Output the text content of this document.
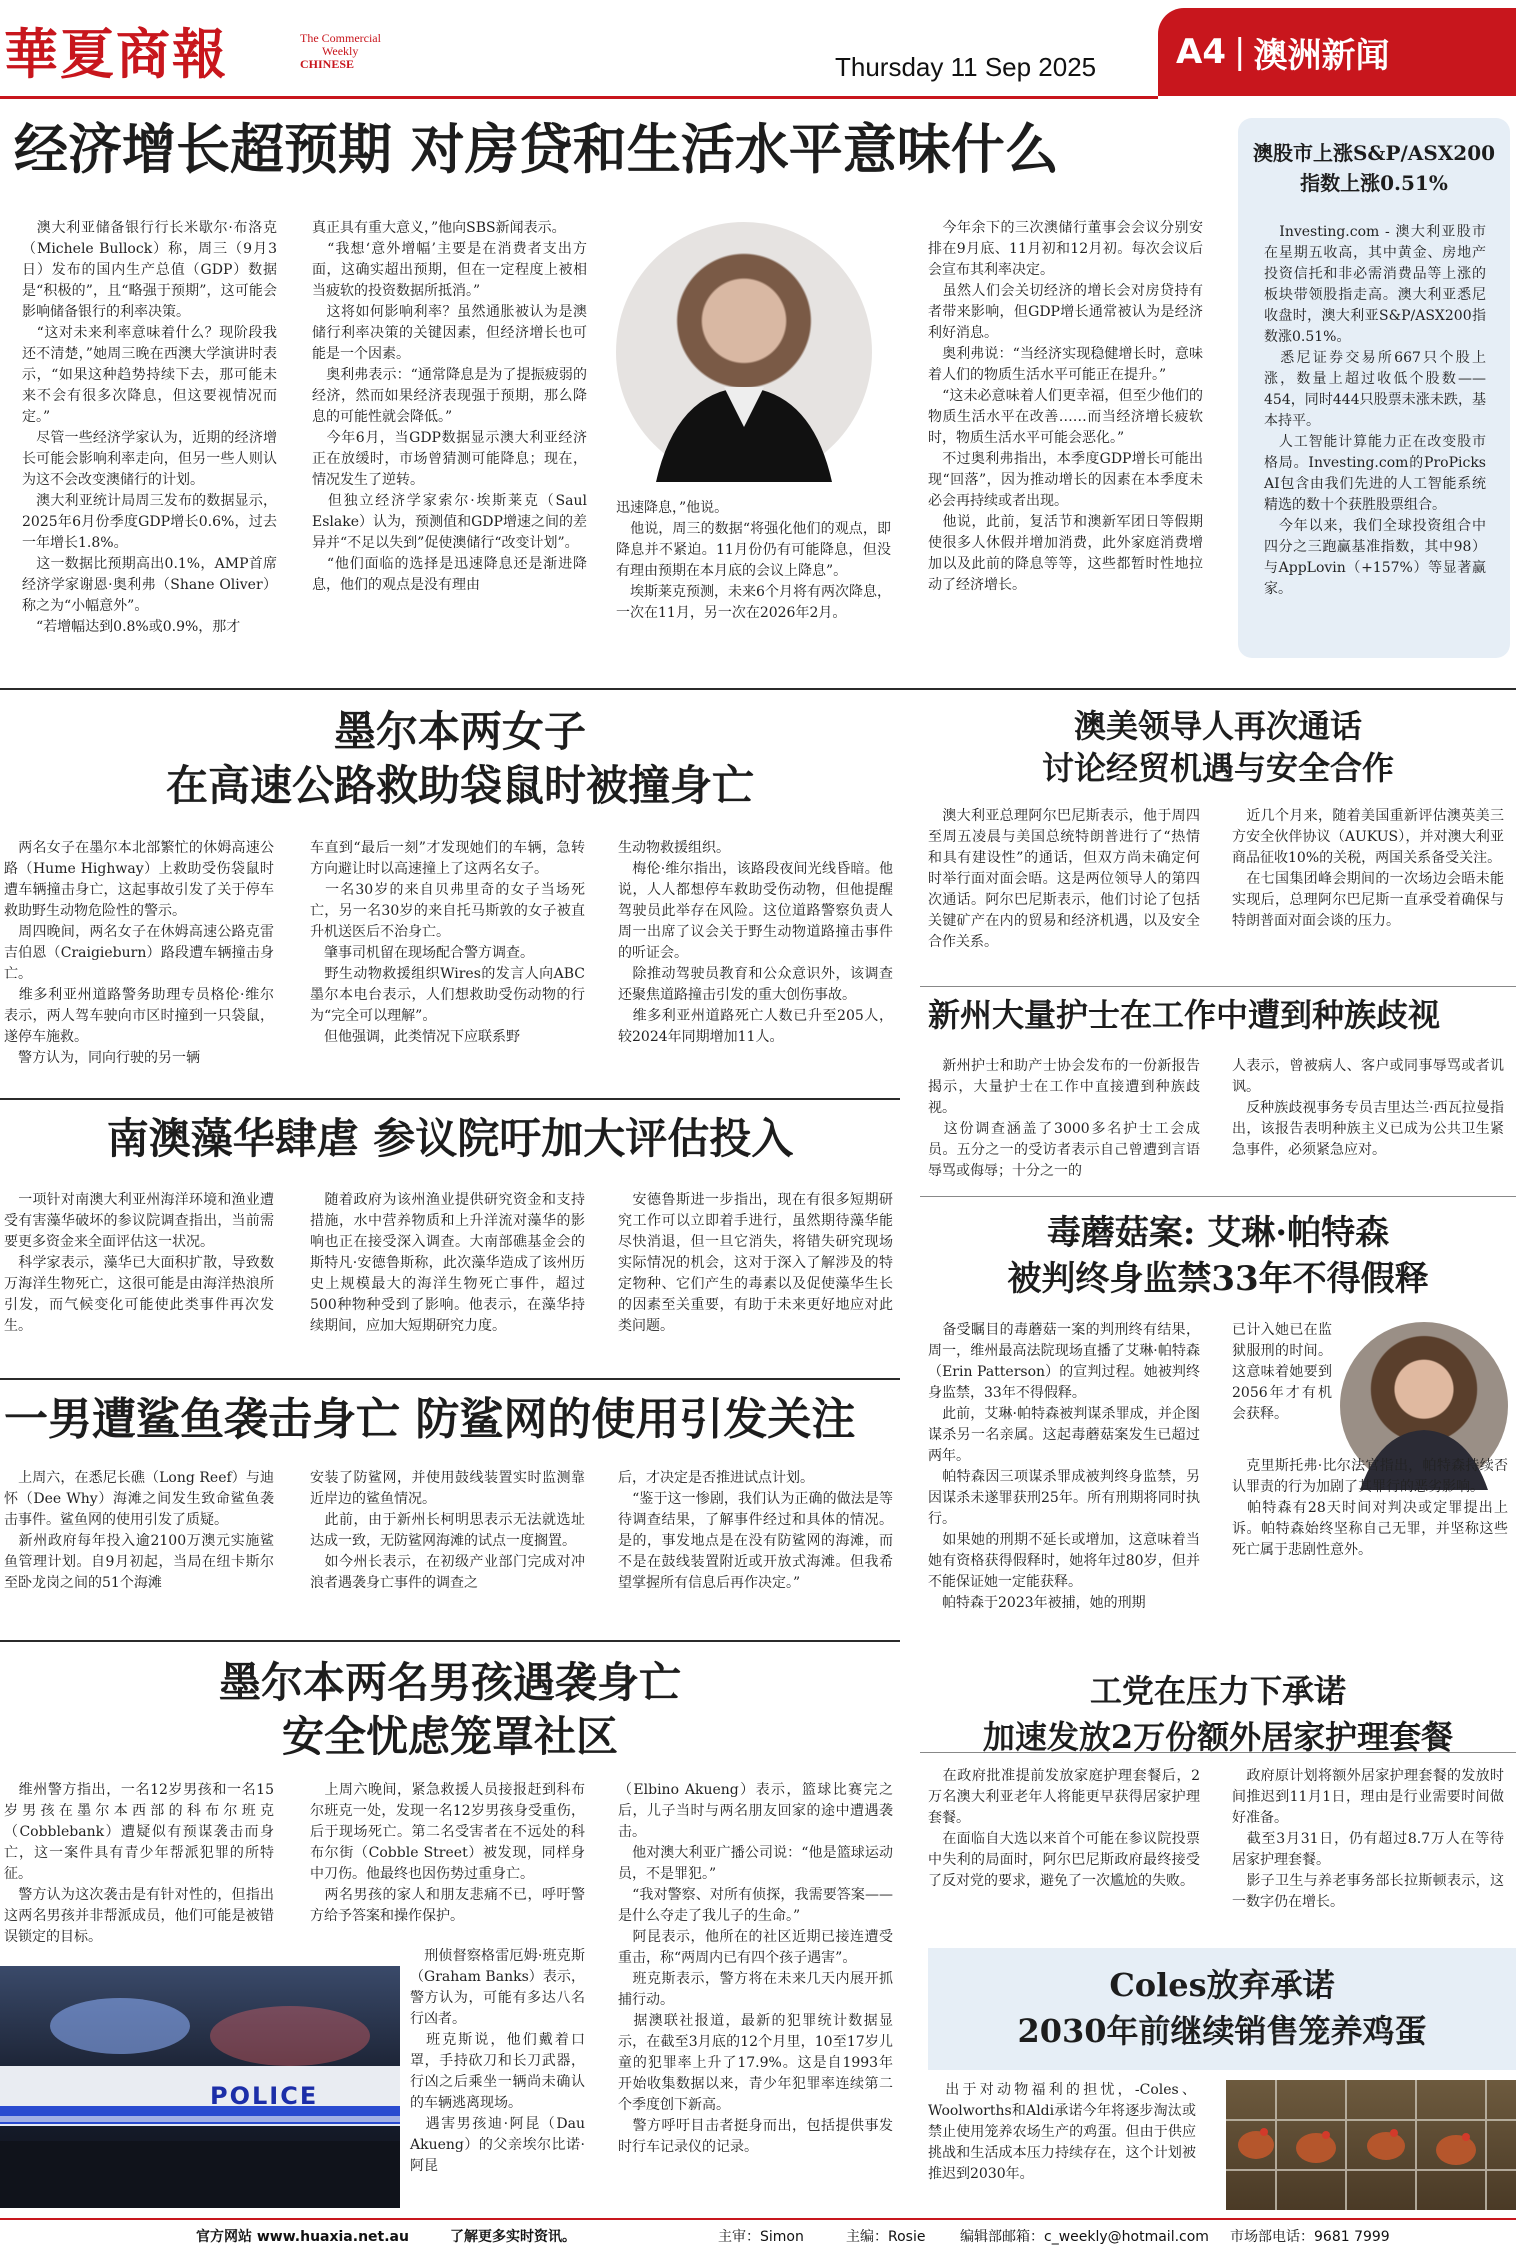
華夏商報	The Commercial
Weekly
CHINESE	Thursday 11 Sep 2025 A4 | 澳洲新闻
经济增长超预期 对房贷和生活水平意味什么
　澳大利亚储备银行行长米歇尔·布洛克（Michele Bullock）称，周三（9月3日）发布的国内生产总值（GDP）数据是“积极的”，且“略强于预期”，这可能会影响储备银行的利率决策。
　“这对未来利率意味着什么？现阶段我还不清楚，”她周三晚在西澳大学演讲时表示，“如果这种趋势持续下去，那可能未来不会有很多次降息，但这要视情况而定。”
　尽管一些经济学家认为，近期的经济增长可能会影响利率走向，但另一些人则认为这不会改变澳储行的计划。
　澳大利亚统计局周三发布的数据显示，2025年6月份季度GDP增长0.6%，过去一年增长1.8%。
　这一数据比预期高出0.1%，AMP首席经济学家谢恩·奥利弗（Shane Oliver）称之为“小幅意外”。
　“若增幅达到0.8%或0.9%，那才
真正具有重大意义，”他向SBS新闻表示。
　“我想‘意外增幅’主要是在消费者支出方面，这确实超出预期，但在一定程度上被相当疲软的投资数据所抵消。”
　这将如何影响利率？虽然通胀被认为是澳储行利率决策的关键因素，但经济增长也可能是一个因素。
　奥利弗表示：“通常降息是为了提振疲弱的经济，然而如果经济表现强于预期，那么降息的可能性就会降低。”
　今年6月，当GDP数据显示澳大利亚经济正在放缓时，市场曾猜测可能降息；现在，情况发生了逆转。
　但独立经济学家索尔·埃斯莱克（Saul Eslake）认为，预测值和GDP增速之间的差异并“不足以失到”促使澳储行“改变计划”。
　“他们面临的选择是迅速降息还是渐进降息，他们的观点是没有理由
迅速降息，”他说。
　他说，周三的数据“将强化他们的观点，即降息并不紧迫。11月份仍有可能降息，但没有理由预期在本月底的会议上降息”。
　埃斯莱克预测，未来6个月将有两次降息，一次在11月，另一次在2026年2月。
　今年余下的三次澳储行董事会会议分别安排在9月底、11月初和12月初。每次会议后会宣布其利率决定。
　虽然人们会关切经济的增长会对房贷持有者带来影响，但GDP增长通常被认为是经济利好消息。
　奥利弗说：“当经济实现稳健增长时，意味着人们的物质生活水平可能正在提升。”
　“这未必意味着人们更幸福，但至少他们的物质生活水平在改善……而当经济增长疲软时，物质生活水平可能会恶化。”
　不过奥利弗指出，本季度GDP增长可能出现“回落”，因为推动增长的因素在本季度未必会再持续或者出现。
　他说，此前，复活节和澳新军团日等假期使很多人休假并增加消费，此外家庭消费增加以及此前的降息等等，这些都暂时性地拉动了经济增长。
澳股市上涨S&P/ASX200指数上涨0.51%
　Investing.com - 澳大利亚股市在星期五收高，其中黄金、房地产投资信托和非必需消费品等上涨的板块带领股指走高。澳大利亚悉尼收盘时，澳大利亚S&P/ASX200指数涨0.51%。
　悉尼证券交易所667只个股上涨，数量上超过收低个股数——454，同时444只股票未涨未跌，基本持平。
　人工智能计算能力正在改变股市格局。Investing.com的ProPicks AI包含由我们先进的人工智能系统精选的数十个获胜股票组合。
　今年以来，我们全球投资组合中四分之三跑赢基准指数，其中98）与AppLovin（+157%）等显著赢家。
墨尔本两女子
在高速公路救助袋鼠时被撞身亡
　两名女子在墨尔本北部繁忙的休姆高速公路（Hume Highway）上救助受伤袋鼠时遭车辆撞击身亡，这起事故引发了关于停车救助野生动物危险性的警示。
　周四晚间，两名女子在休姆高速公路克雷吉伯恩（Craigieburn）路段遭车辆撞击身亡。
　维多利亚州道路警务助理专员格伦·维尔表示，两人驾车驶向市区时撞到一只袋鼠，遂停车施救。
　警方认为，同向行驶的另一辆
车直到“最后一刻”才发现她们的车辆，急转方向避让时以高速撞上了这两名女子。
　一名30岁的来自贝弗里奇的女子当场死亡，另一名30岁的来自托马斯敦的女子被直升机送医后不治身亡。
　肇事司机留在现场配合警方调查。
　野生动物救援组织Wires的发言人向ABC墨尔本电台表示，人们想救助受伤动物的行为“完全可以理解”。
　但他强调，此类情况下应联系野
生动物救援组织。
　梅伦·维尔指出，该路段夜间光线昏暗。他说，人人都想停车救助受伤动物，但他提醒驾驶员此举存在风险。这位道路警察负责人周一出席了议会关于野生动物道路撞击事件的听证会。
　除推动驾驶员教育和公众意识外，该调查还聚焦道路撞击引发的重大创伤事故。
　维多利亚州道路死亡人数已升至205人，较2024年同期增加11人。
澳美领导人再次通话
讨论经贸机遇与安全合作
　澳大利亚总理阿尔巴尼斯表示，他于周四至周五凌晨与美国总统特朗普进行了“热情和具有建设性”的通话，但双方尚未确定何时举行面对面会晤。这是两位领导人的第四次通话。阿尔巴尼斯表示，他们讨论了包括关键矿产在内的贸易和经济机遇，以及安全合作关系。
　近几个月来，随着美国重新评估澳英美三方安全伙伴协议（AUKUS），并对澳大利亚商品征收10%的关税，两国关系备受关注。
　在七国集团峰会期间的一次场边会晤未能实现后，总理阿尔巴尼斯一直承受着确保与特朗普面对面会谈的压力。
新州大量护士在工作中遭到种族歧视
　新州护士和助产士协会发布的一份新报告揭示，大量护士在工作中直接遭到种族歧视。
　这份调查涵盖了3000多名护士工会成员。五分之一的受访者表示自己曾遭到言语辱骂或侮辱；十分之一的
人表示，曾被病人、客户或同事辱骂或者讥讽。
　反种族歧视事务专员吉里达兰·西瓦拉曼指出，该报告表明种族主义已成为公共卫生紧急事件，必须紧急应对。
南澳藻华肆虐 参议院吁加大评估投入
　一项针对南澳大利亚州海洋环境和渔业遭受有害藻华破坏的参议院调查指出，当前需要更多资金来全面评估这一状况。
　科学家表示，藻华已大面积扩散，导致数万海洋生物死亡，这很可能是由海洋热浪所引发，而气候变化可能使此类事件再次发生。
　随着政府为该州渔业提供研究资金和支持措施，水中营养物质和上升洋流对藻华的影响也正在接受深入调查。大南部礁基金会的斯特凡·安德鲁斯称，此次藻华造成了该州历史上规模最大的海洋生物死亡事件，超过500种物种受到了影响。他表示，在藻华持续期间，应加大短期研究力度。
　安德鲁斯进一步指出，现在有很多短期研究工作可以立即着手进行，虽然期待藻华能尽快消退，但一旦它消失，将错失研究现场实际情况的机会，这对于深入了解涉及的特定物种、它们产生的毒素以及促使藻华生长的因素至关重要，有助于未来更好地应对此类问题。
毒蘑菇案: 艾琳·帕特森
被判终身监禁33年不得假释
　备受瞩目的毒蘑菇一案的判刑终有结果，周一，维州最高法院现场直播了艾琳·帕特森（Erin Patterson）的宣判过程。她被判终身监禁，33年不得假释。
　此前，艾琳·帕特森被判谋杀罪成，并企图谋杀另一名亲属。这起毒蘑菇案发生已超过两年。
　帕特森因三项谋杀罪成被判终身监禁，另因谋杀未遂罪获刑25年。所有刑期将同时执行。
　如果她的刑期不延长或增加，这意味着当她有资格获得假释时，她将年过80岁，但并不能保证她一定能获释。
　帕特森于2023年被捕，她的刑期
已计入她已在监狱服刑的时间。这意味着她要到2056年才有机会获释。
　克里斯托弗·比尔法官指出，帕特森持续否认罪责的行为加剧了其罪行的恶劣影响。
　帕特森有28天时间对判决或定罪提出上诉。帕特森始终坚称自己无罪，并坚称这些死亡属于悲剧性意外。
一男遭鲨鱼袭击身亡 防鲨网的使用引发关注
　上周六，在悉尼长礁（Long Reef）与迪怀（Dee Why）海滩之间发生致命鲨鱼袭击事件。鲨鱼网的使用引发了质疑。
　新州政府每年投入逾2100万澳元实施鲨鱼管理计划。自9月初起，当局在纽卡斯尔至卧龙岗之间的51个海滩
安装了防鲨网，并使用鼓线装置实时监测靠近岸边的鲨鱼情况。
　此前，由于新州长柯明思表示无法就选址达成一致，无防鲨网海滩的试点一度搁置。
　如今州长表示，在初级产业部门完成对冲浪者遇袭身亡事件的调查之
后，才决定是否推进试点计划。
　“鉴于这一惨剧，我们认为正确的做法是等待调查结果，了解事件经过和具体的情况。是的，事发地点是在没有防鲨网的海滩，而不是在鼓线装置附近或开放式海滩。但我希望掌握所有信息后再作决定。”
墨尔本两名男孩遇袭身亡
安全忧虑笼罩社区
　维州警方指出，一名12岁男孩和一名15岁男孩在墨尔本西部的科布尔班克（Cobblebank）遭疑似有预谋袭击而身亡，这一案件具有青少年帮派犯罪的所特征。
　警方认为这次袭击是有针对性的，但指出这两名男孩并非帮派成员，他们可能是被错误锁定的目标。
　上周六晚间，紧急救援人员接报赶到科布尔班克一处，发现一名12岁男孩身受重伤，后于现场死亡。第二名受害者在不远处的科布尔街（Cobble Street）被发现，同样身中刀伤。他最终也因伤势过重身亡。
　两名男孩的家人和朋友悲痛不已，呼吁警方给予答案和操作保护。
　刑侦督察格雷厄姆·班克斯（Graham Banks）表示，警方认为，可能有多达八名行凶者。
　班克斯说，他们戴着口罩，手持砍刀和长刀武器，行凶之后乘坐一辆尚未确认的车辆逃离现场。
　遇害男孩迪·阿昆（Dau Akueng）的父亲埃尔比诺·阿昆
（Elbino Akueng）表示，篮球比赛完之后，儿子当时与两名朋友回家的途中遭遇袭击。
　他对澳大利亚广播公司说：“他是篮球运动员，不是罪犯。”
　“我对警察、对所有侦探，我需要答案——是什么夺走了我儿子的生命。”
　阿昆表示，他所在的社区近期已接连遭受重击，称“两周内已有四个孩子遇害”。
　班克斯表示，警方将在未来几天内展开抓捕行动。
　据澳联社报道，最新的犯罪统计数据显示，在截至3月底的12个月里，10至17岁儿童的犯罪率上升了17.9%。这是自1993年开始收集数据以来，青少年犯罪率连续第二个季度创下新高。
　警方呼吁目击者挺身而出，包括提供事发时行车记录仪的记录。
POLICE
工党在压力下承诺
加速发放2万份额外居家护理套餐
　在政府批准提前发放家庭护理套餐后，2万名澳大利亚老年人将能更早获得居家护理套餐。
　在面临自大选以来首个可能在参议院投票中失利的局面时，阿尔巴尼斯政府最终接受了反对党的要求，避免了一次尴尬的失败。
　政府原计划将额外居家护理套餐的发放时间推迟到11月1日，理由是行业需要时间做好准备。
　截至3月31日，仍有超过8.7万人在等待居家护理套餐。
　影子卫生与养老事务部长拉斯顿表示，这一数字仍在增长。
Coles放弃承诺
2030年前继续销售笼养鸡蛋
　出于对动物福利的担忧，-Coles、Woolworths和Aldi承诺今年将逐步淘汰或禁止使用笼养农场生产的鸡蛋。但由于供应挑战和生活成本压力持续存在，这个计划被推迟到2030年。
官方网站 www.huaxia.net.au	了解更多实时资讯。	主审：Simon	主编：Rosie 编辑部邮箱：c_weekly@hotmail.com 市场部电话：9681 7999
